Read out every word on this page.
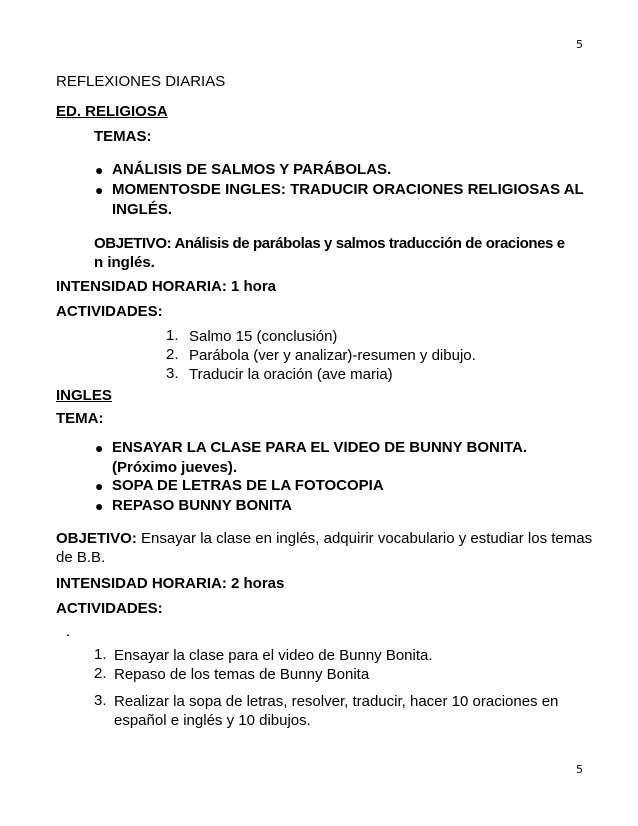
5
5
REFLEXIONES DIARIAS
ED. RELIGIOSA
TEMAS:
● ANÁLISIS DE SALMOS Y PARÁBOLAS.
● MOMENTOSDE INGLES: TRADUCIR ORACIONES RELIGIOSAS AL
INGLÉS.
OBJETIVO: Análisis de parábolas y salmos traducción de oraciones e
n inglés.
INTENSIDAD HORARIA: 1 hora
ACTIVIDADES:
1. Salmo 15 (conclusión)
2. Parábola (ver y analizar)-resumen y dibujo.
3. Traducir la oración (ave maria)
INGLES
TEMA:
● ENSAYAR LA CLASE PARA EL VIDEO DE BUNNY BONITA.
(Próximo jueves).
● SOPA DE LETRAS DE LA FOTOCOPIA
● REPASO BUNNY BONITA
OBJETIVO: Ensayar la clase en inglés, adquirir vocabulario y estudiar los temas
de B.B.
INTENSIDAD HORARIA: 2 horas
ACTIVIDADES:
.
1. Ensayar la clase para el video de Bunny Bonita.
2. Repaso de los temas de Bunny Bonita
3. Realizar la sopa de letras, resolver, traducir, hacer 10 oraciones en
español e inglés y 10 dibujos.
